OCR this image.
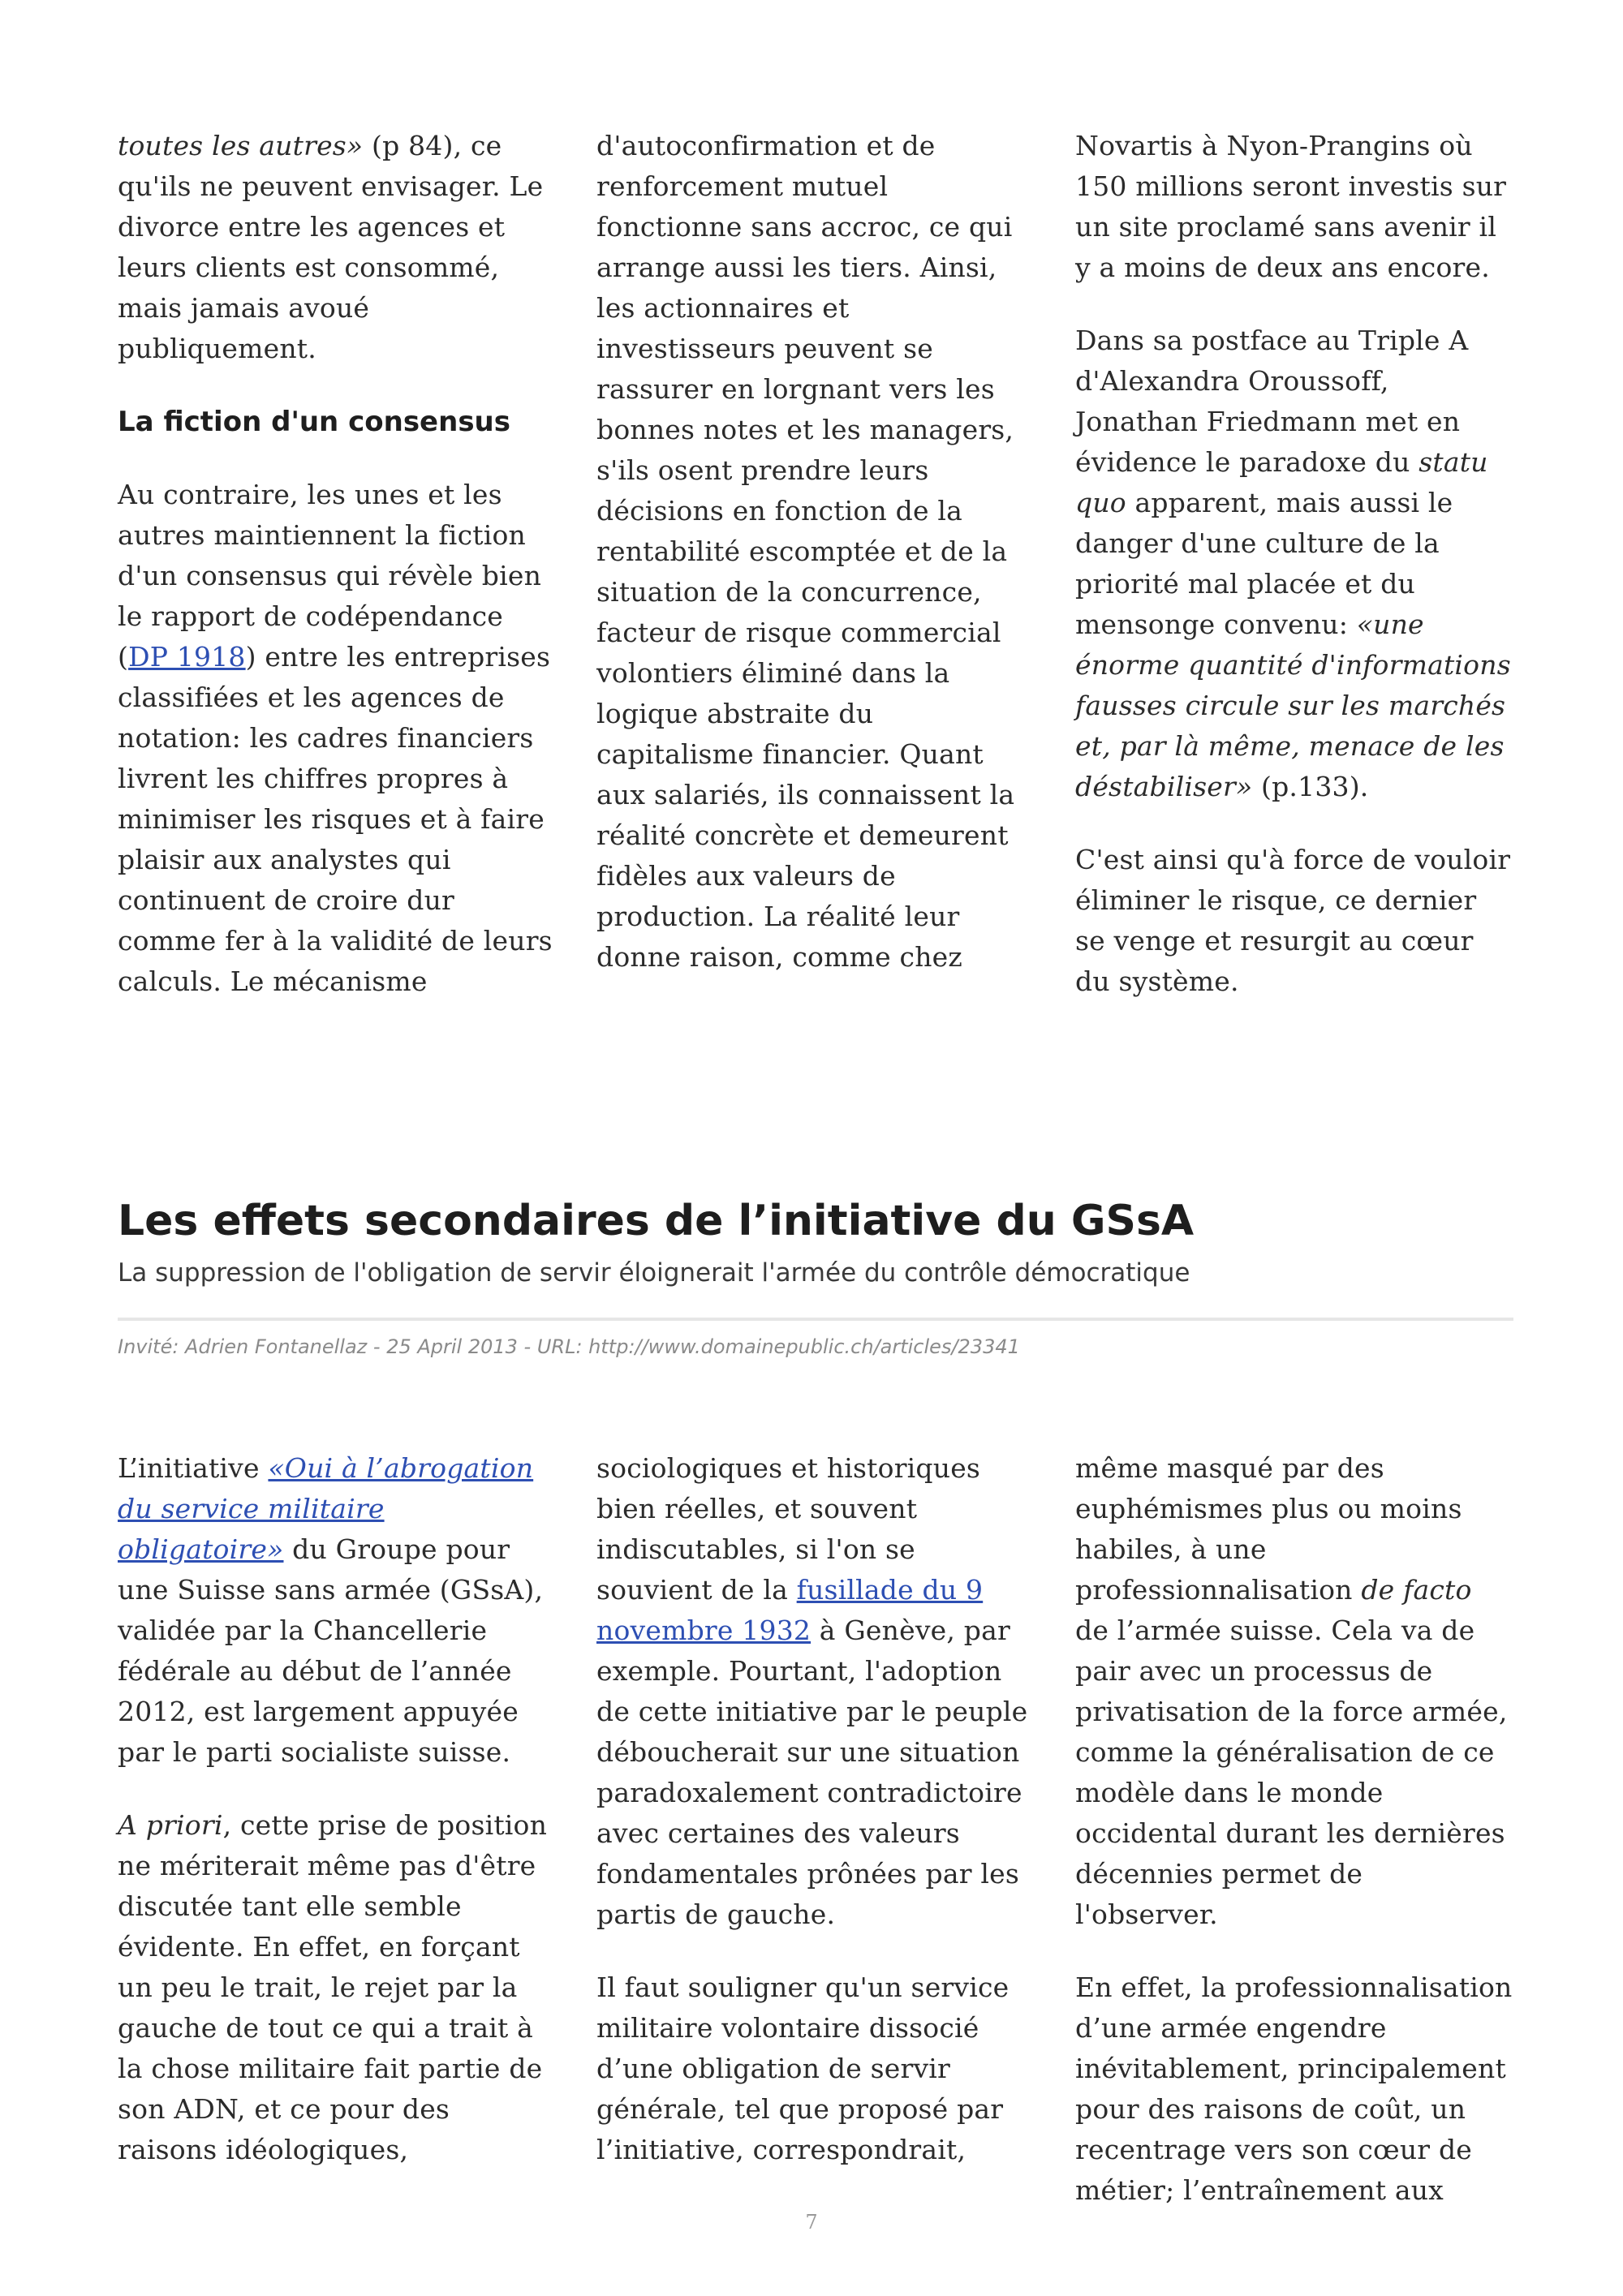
toutes les autres» (p 84), ce qu'ils ne peuvent envisager. Le divorce entre les agences et leurs clients est consommé, mais jamais avoué publiquement.

La fiction d'un consensus

Au contraire, les unes et les autres maintiennent la fiction d'un consensus qui révèle bien le rapport de codépendance (DP 1918) entre les entreprises classifiées et les agences de notation: les cadres financiers livrent les chiffres propres à minimiser les risques et à faire plaisir aux analystes qui continuent de croire dur comme fer à la validité de leurs calculs. Le mécanisme

d'autoconfirmation et de renforcement mutuel fonctionne sans accroc, ce qui arrange aussi les tiers. Ainsi, les actionnaires et investisseurs peuvent se rassurer en lorgnant vers les bonnes notes et les managers, s'ils osent prendre leurs décisions en fonction de la rentabilité escomptée et de la situation de la concurrence, facteur de risque commercial volontiers éliminé dans la logique abstraite du capitalisme financier. Quant aux salariés, ils connaissent la réalité concrète et demeurent fidèles aux valeurs de production. La réalité leur donne raison, comme chez

Novartis à Nyon-Prangins où 150 millions seront investis sur un site proclamé sans avenir il y a moins de deux ans encore.

Dans sa postface au Triple A d'Alexandra Oroussoff, Jonathan Friedmann met en évidence le paradoxe du statu quo apparent, mais aussi le danger d'une culture de la priorité mal placée et du mensonge convenu: «une énorme quantité d'informations fausses circule sur les marchés et, par là même, menace de les déstabiliser» (p.133).

C'est ainsi qu'à force de vouloir éliminer le risque, ce dernier se venge et resurgit au cœur du système.

Les effets secondaires de l’initiative du GSsA

La suppression de l'obligation de servir éloignerait l'armée du contrôle démocratique

Invité: Adrien Fontanellaz - 25 April 2013 - URL: http://www.domainepublic.ch/articles/23341

L’initiative «Oui à l’abrogation du service militaire obligatoire» du Groupe pour une Suisse sans armée (GSsA), validée par la Chancellerie fédérale au début de l’année 2012, est largement appuyée par le parti socialiste suisse.

A priori, cette prise de position ne mériterait même pas d'être discutée tant elle semble évidente. En effet, en forçant un peu le trait, le rejet par la gauche de tout ce qui a trait à la chose militaire fait partie de son ADN, et ce pour des raisons idéologiques,

sociologiques et historiques bien réelles, et souvent indiscutables, si l'on se souvient de la fusillade du 9 novembre 1932 à Genève, par exemple. Pourtant, l'adoption de cette initiative par le peuple déboucherait sur une situation paradoxalement contradictoire avec certaines des valeurs fondamentales prônées par les partis de gauche.

Il faut souligner qu'un service militaire volontaire dissocié d’une obligation de servir générale, tel que proposé par l’initiative, correspondrait,

même masqué par des euphémismes plus ou moins habiles, à une professionnalisation de facto de l’armée suisse. Cela va de pair avec un processus de privatisation de la force armée, comme la généralisation de ce modèle dans le monde occidental durant les dernières décennies permet de l'observer.

En effet, la professionnalisation d’une armée engendre inévitablement, principalement pour des raisons de coût, un recentrage vers son cœur de métier; l’entraînement aux

7
